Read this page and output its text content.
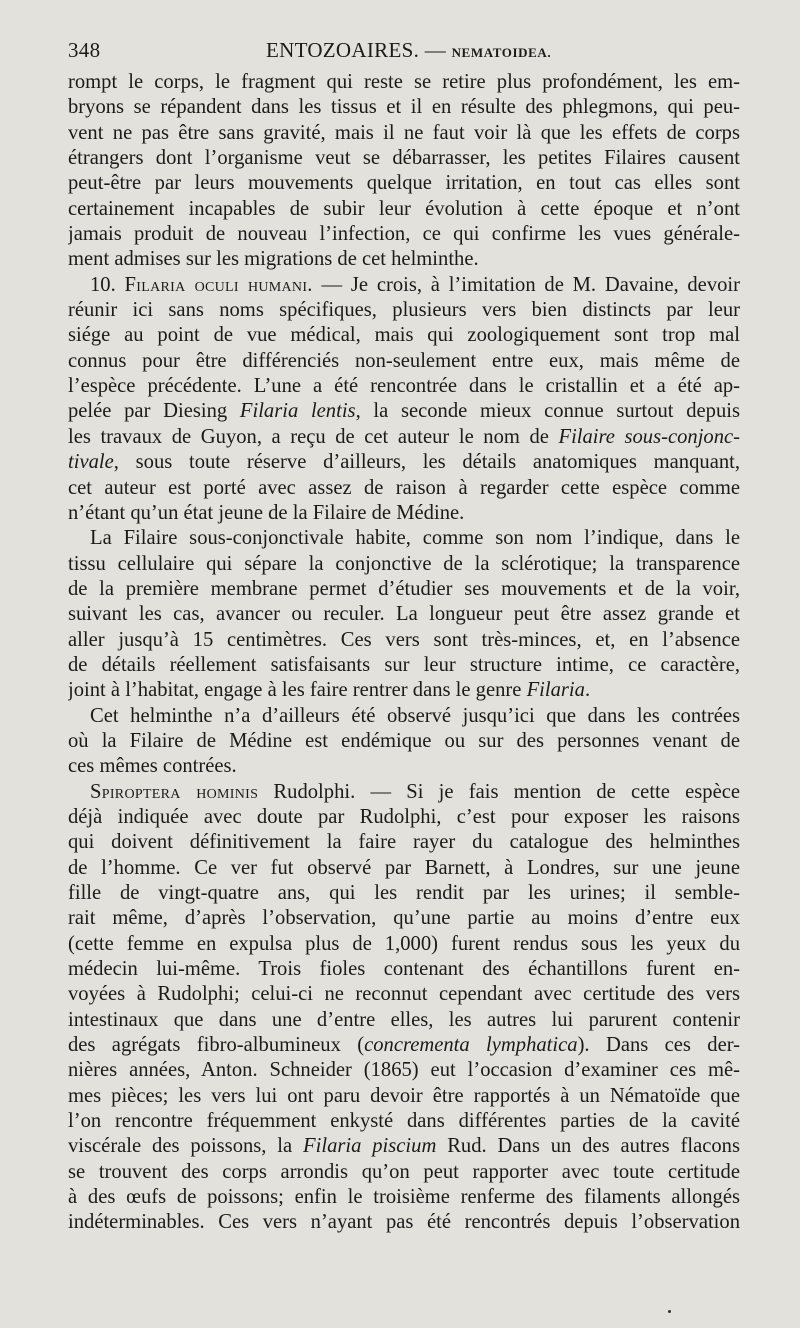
348	ENTOZOAIRES. — NEMATOIDEA.
rompt le corps, le fragment qui reste se retire plus profondément, les em-
bryons se répandent dans les tissus et il en résulte des phlegmons, qui peu-
vent ne pas être sans gravité, mais il ne faut voir là que les effets de corps
étrangers dont l’organisme veut se débarrasser, les petites Filaires causent
peut-être par leurs mouvements quelque irritation, en tout cas elles sont
certainement incapables de subir leur évolution à cette époque et n’ont
jamais produit de nouveau l’infection, ce qui confirme les vues générale-
ment admises sur les migrations de cet helminthe.
10. Filaria oculi humani. — Je crois, à l’imitation de M. Davaine, devoir
réunir ici sans noms spécifiques, plusieurs vers bien distincts par leur
siége au point de vue médical, mais qui zoologiquement sont trop mal
connus pour être différenciés non-seulement entre eux, mais même de
l’espèce précédente. L’une a été rencontrée dans le cristallin et a été ap-
pelée par Diesing Filaria lentis, la seconde mieux connue surtout depuis
les travaux de Guyon, a reçu de cet auteur le nom de Filaire sous-conjonc-
tivale, sous toute réserve d’ailleurs, les détails anatomiques manquant,
cet auteur est porté avec assez de raison à regarder cette espèce comme
n’étant qu’un état jeune de la Filaire de Médine.
La Filaire sous-conjonctivale habite, comme son nom l’indique, dans le
tissu cellulaire qui sépare la conjonctive de la sclérotique; la transparence
de la première membrane permet d’étudier ses mouvements et de la voir,
suivant les cas, avancer ou reculer. La longueur peut être assez grande et
aller jusqu’à 15 centimètres. Ces vers sont très-minces, et, en l’absence
de détails réellement satisfaisants sur leur structure intime, ce caractère,
joint à l’habitat, engage à les faire rentrer dans le genre Filaria.
Cet helminthe n’a d’ailleurs été observé jusqu’ici que dans les contrées
où la Filaire de Médine est endémique ou sur des personnes venant de
ces mêmes contrées.
Spiroptera hominis Rudolphi. — Si je fais mention de cette espèce
déjà indiquée avec doute par Rudolphi, c’est pour exposer les raisons
qui doivent définitivement la faire rayer du catalogue des helminthes
de l’homme. Ce ver fut observé par Barnett, à Londres, sur une jeune
fille de vingt-quatre ans, qui les rendit par les urines; il semble-
rait même, d’après l’observation, qu’une partie au moins d’entre eux
(cette femme en expulsa plus de 1,000) furent rendus sous les yeux du
médecin lui-même. Trois fioles contenant des échantillons furent en-
voyées à Rudolphi; celui-ci ne reconnut cependant avec certitude des vers
intestinaux que dans une d’entre elles, les autres lui parurent contenir
des agrégats fibro-albumineux (concrementa lymphatica). Dans ces der-
nières années, Anton. Schneider (1865) eut l’occasion d’examiner ces mê-
mes pièces; les vers lui ont paru devoir être rapportés à un Nématoïde que
l’on rencontre fréquemment enkysté dans différentes parties de la cavité
viscérale des poissons, la Filaria piscium Rud. Dans un des autres flacons
se trouvent des corps arrondis qu’on peut rapporter avec toute certitude
à des œufs de poissons; enfin le troisième renferme des filaments allongés
indéterminables. Ces vers n’ayant pas été rencontrés depuis l’observation
